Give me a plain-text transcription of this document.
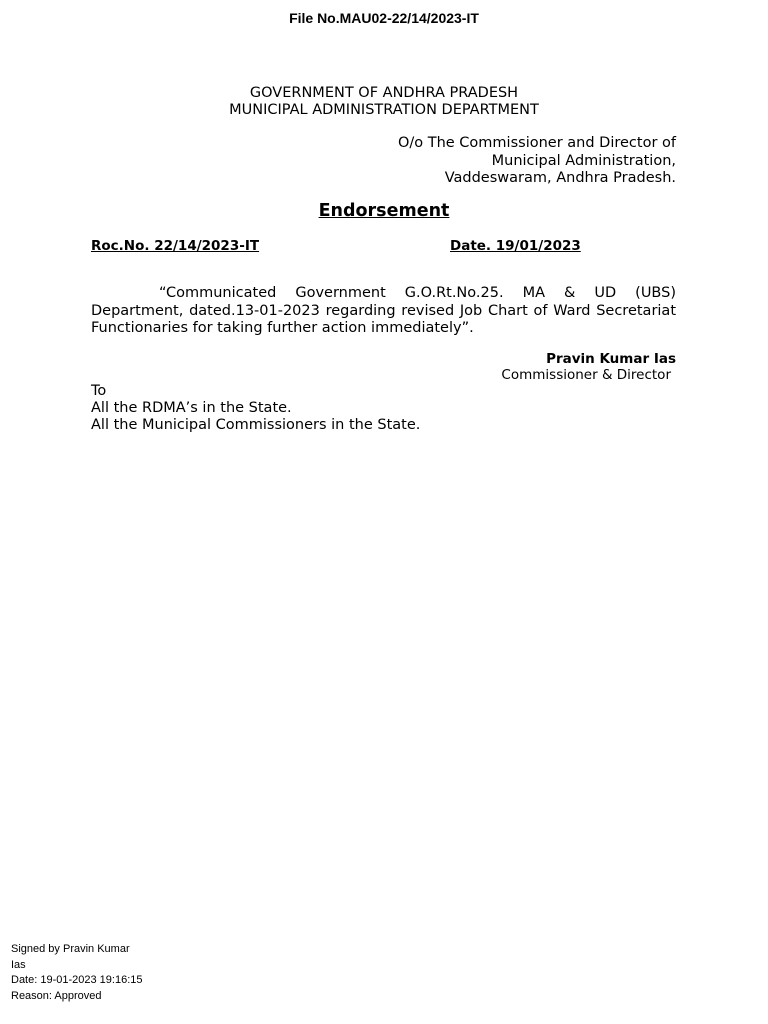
File No.MAU02-22/14/2023-IT
GOVERNMENT OF ANDHRA PRADESH
MUNICIPAL ADMINISTRATION DEPARTMENT
O/o The Commissioner and Director of
Municipal Administration,
Vaddeswaram, Andhra Pradesh.
Endorsement
Roc.No. 22/14/2023-IT	Date. 19/01/2023
“Communicated Government G.O.Rt.No.25. MA & UD (UBS) Department, dated.13-01-2023 regarding revised Job Chart of Ward Secretariat Functionaries for taking further action immediately”.
Pravin Kumar Ias
Commissioner & Director
To
All the RDMA’s in the State.
All the Municipal Commissioners in the State.
Signed by Pravin Kumar
Ias
Date: 19-01-2023 19:16:15
Reason: Approved
